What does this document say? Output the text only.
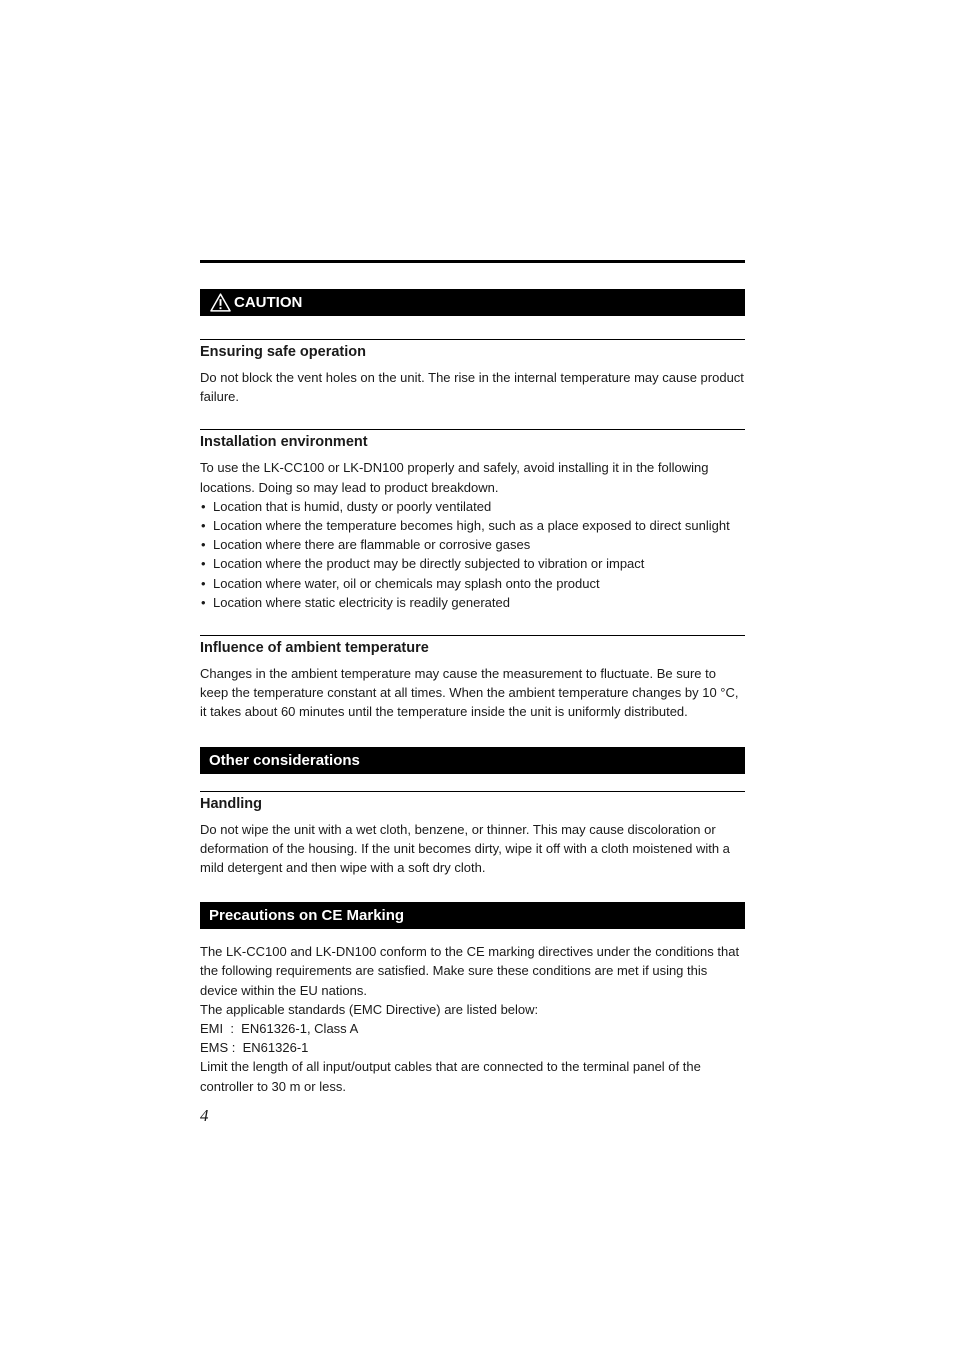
CAUTION
Ensuring safe operation

Do not block the vent holes on the unit. The rise in the internal temperature may cause product failure.

Installation environment

To use the LK-CC100 or LK-DN100 properly and safely, avoid installing it in the following locations. Doing so may lead to product breakdown.

• Location that is humid, dusty or poorly ventilated
• Location where the temperature becomes high, such as a place exposed to direct sunlight
• Location where there are flammable or corrosive gases
• Location where the product may be directly subjected to vibration or impact
• Location where water, oil or chemicals may splash onto the product
• Location where static electricity is readily generated
Influence of ambient temperature

Changes in the ambient temperature may cause the measurement to fluctuate. Be sure to keep the temperature constant at all times. When the ambient temperature changes by 10 °C, it takes about 60 minutes until the temperature inside the unit is uniformly distributed.

Other considerations
Handling

Do not wipe the unit with a wet cloth, benzene, or thinner. This may cause discoloration or deformation of the housing. If the unit becomes dirty, wipe it off with a cloth moistened with a mild detergent and then wipe with a soft dry cloth.

Precautions on CE Marking

The LK-CC100 and LK-DN100 conform to the CE marking directives under the conditions that the following requirements are satisfied. Make sure these conditions are met if using this device within the EU nations.

The applicable standards (EMC Directive) are listed below:

EMI  :  EN61326-1, Class A

EMS :  EN61326-1

Limit the length of all input/output cables that are connected to the terminal panel of the controller to 30 m or less.

4
